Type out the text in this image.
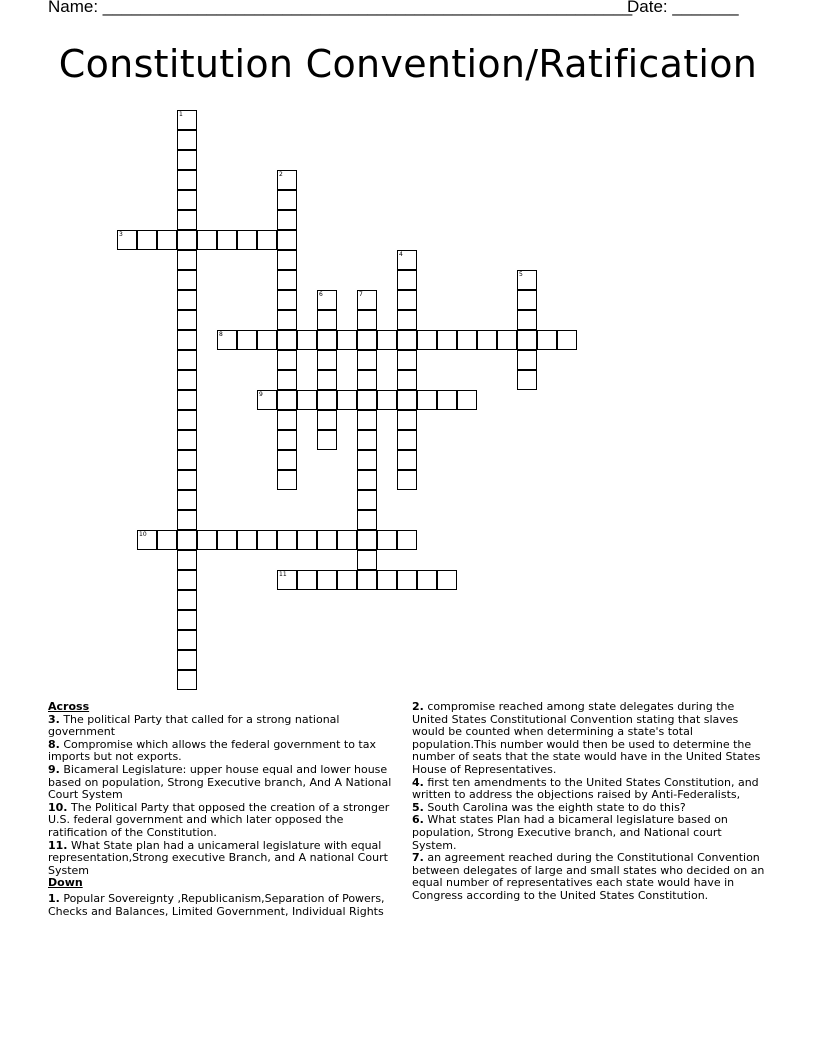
Name: ________________________________________________________
Date: _______
Constitution Convention/Ratification
1
2
3
4
5
6	7
8
9
10
11
Across
3. The political Party that called for a strong national government
8. Compromise which allows the federal government to tax imports but not exports.
9. Bicameral Legislature: upper house equal and lower house based on population, Strong Executive branch, And A National Court System
10. The Political Party that opposed the creation of a stronger U.S. federal government and which later opposed the ratification of the Constitution.
11. What State plan had a unicameral legislature with equal representation,Strong executive Branch, and A national Court System
Down
1. Popular Sovereignty ,Republicanism,Separation of Powers, Checks and Balances, Limited Government, Individual Rights
2. compromise reached among state delegates during the United States Constitutional Convention stating that slaves would be counted when determining a state's total population.This number would then be used to determine the number of seats that the state would have in the United States House of Representatives.
4. first ten amendments to the United States Constitution, and written to address the objections raised by Anti-Federalists,
5. South Carolina was the eighth state to do this?
6. What states Plan had a bicameral legislature based on population, Strong Executive branch, and National court System.
7. an agreement reached during the Constitutional Convention between delegates of large and small states who decided on an equal number of representatives each state would have in Congress according to the United States Constitution.
